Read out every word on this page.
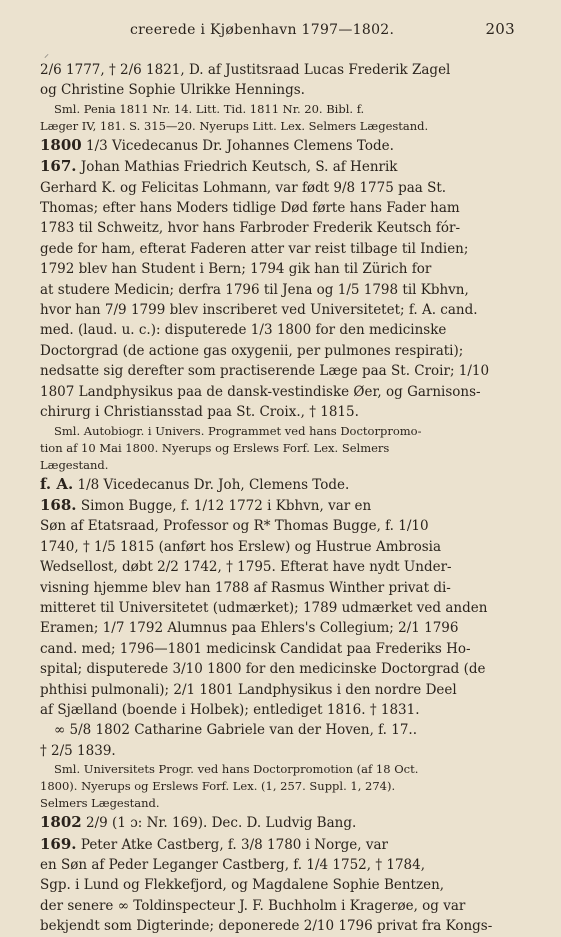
creerede i Kjøbenhavn 1797—1802.	203
⸝
2/6 1777, † 2/6 1821, D. af Justitsraad Lucas Frederik Zagel
og Christine Sophie Ulrikke Hennings.
Sml. Penia 1811 Nr. 14. Litt. Tid. 1811 Nr. 20. Bibl. f.
Læger IV, 181. S. 315—20. Nyerups Litt. Lex. Selmers Lægestand.
1800 1/3 Vicedecanus Dr. Johannes Clemens Tode.
167. Johan Mathias Friedrich Keutsch, S. af Henrik
Gerhard K. og Felicitas Lohmann, var født 9/8 1775 paa St.
Thomas; efter hans Moders tidlige Død førte hans Fader ham
1783 til Schweitz, hvor hans Farbroder Frederik Keutsch fór-
gede for ham, efterat Faderen atter var reist tilbage til Indien;
1792 blev han Student i Bern; 1794 gik han til Zürich for
at studere Medicin; derfra 1796 til Jena og 1/5 1798 til Kbhvn,
hvor han 7/9 1799 blev inscriberet ved Universitetet; f. A. cand.
med. (laud. u. c.): disputerede 1/3 1800 for den medicinske
Doctorgrad (de actione gas oxygenii, per pulmones respirati);
nedsatte sig derefter som practiserende Læge paa St. Croir; 1/10
1807 Landphysikus paa de dansk-vestindiske Øer, og Garnisons-
chirurg i Christiansstad paa St. Croix., † 1815.
Sml. Autobiogr. i Univers. Programmet ved hans Doctorpromo-
tion af 10 Mai 1800. Nyerups og Erslews Forf. Lex. Selmers
Lægestand.
f. A. 1/8 Vicedecanus Dr. Joh, Clemens Tode.
168. Simon Bugge, f. 1/12 1772 i Kbhvn, var en
Søn af Etatsraad, Professor og R* Thomas Bugge, f. 1/10
1740, † 1/5 1815 (anført hos Erslew) og Hustrue Ambrosia
Wedsellost, døbt 2/2 1742, † 1795. Efterat have nydt Under-
visning hjemme blev han 1788 af Rasmus Winther privat di-
mitteret til Universitetet (udmærket); 1789 udmærket ved anden
Eramen; 1/7 1792 Alumnus paa Ehlers's Collegium; 2/1 1796
cand. med; 1796—1801 medicinsk Candidat paa Frederiks Ho-
spital; disputerede 3/10 1800 for den medicinske Doctorgrad (de
phthisi pulmonali); 2/1 1801 Landphysikus i den nordre Deel
af Sjælland (boende i Holbek); entlediget 1816. † 1831.
∞ 5/8 1802 Catharine Gabriele van der Hoven, f. 17..
† 2/5 1839.
Sml. Universitets Progr. ved hans Doctorpromotion (af 18 Oct.
1800). Nyerups og Erslews Forf. Lex. (1, 257. Suppl. 1, 274).
Selmers Lægestand.
1802 2/9 (1 ɔ: Nr. 169). Dec. D. Ludvig Bang.
169. Peter Atke Castberg, f. 3/8 1780 i Norge, var
en Søn af Peder Leganger Castberg, f. 1/4 1752, † 1784,
Sgp. i Lund og Flekkefjord, og Magdalene Sophie Bentzen,
der senere ∞ Toldinspecteur J. F. Buchholm i Kragerøe, og var
bekjendt som Digterinde; deponerede 2/10 1796 privat fra Kongs-
